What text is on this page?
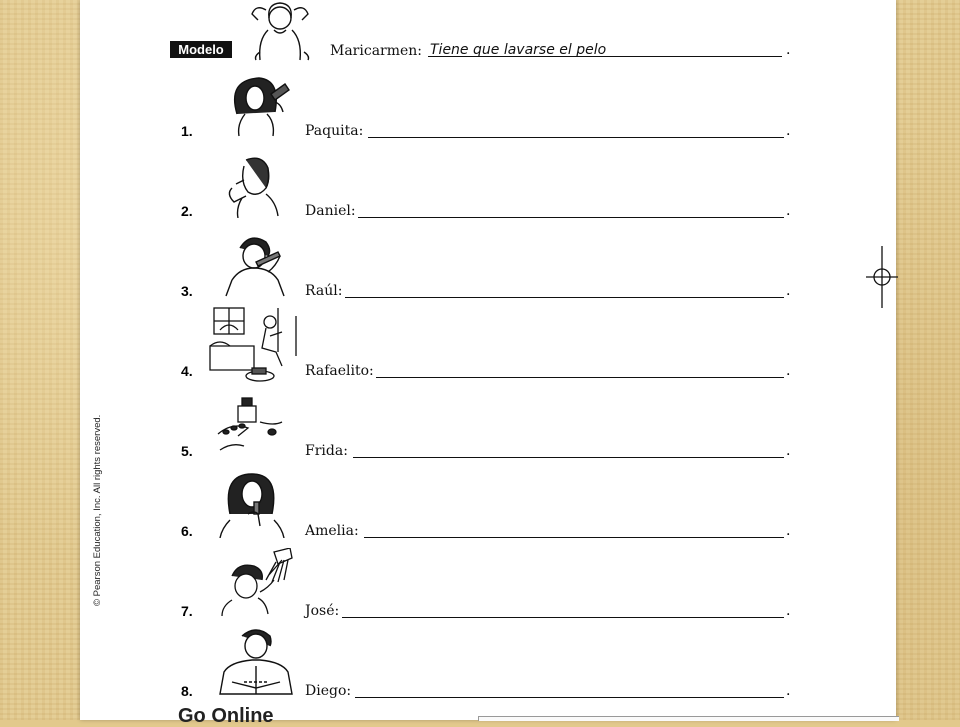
© Pearson Education, Inc. All rights reserved.
Modelo	Maricarmen: Tiene que lavarse el pelo	.
1.	Paquita:	.
2.	Daniel:	.
3.	Raúl:	.
4.	Rafaelito:	.
5.	Frida:	.
6.	Amelia:	.
7.	José:	.
8.	Diego:	.
Go Online
